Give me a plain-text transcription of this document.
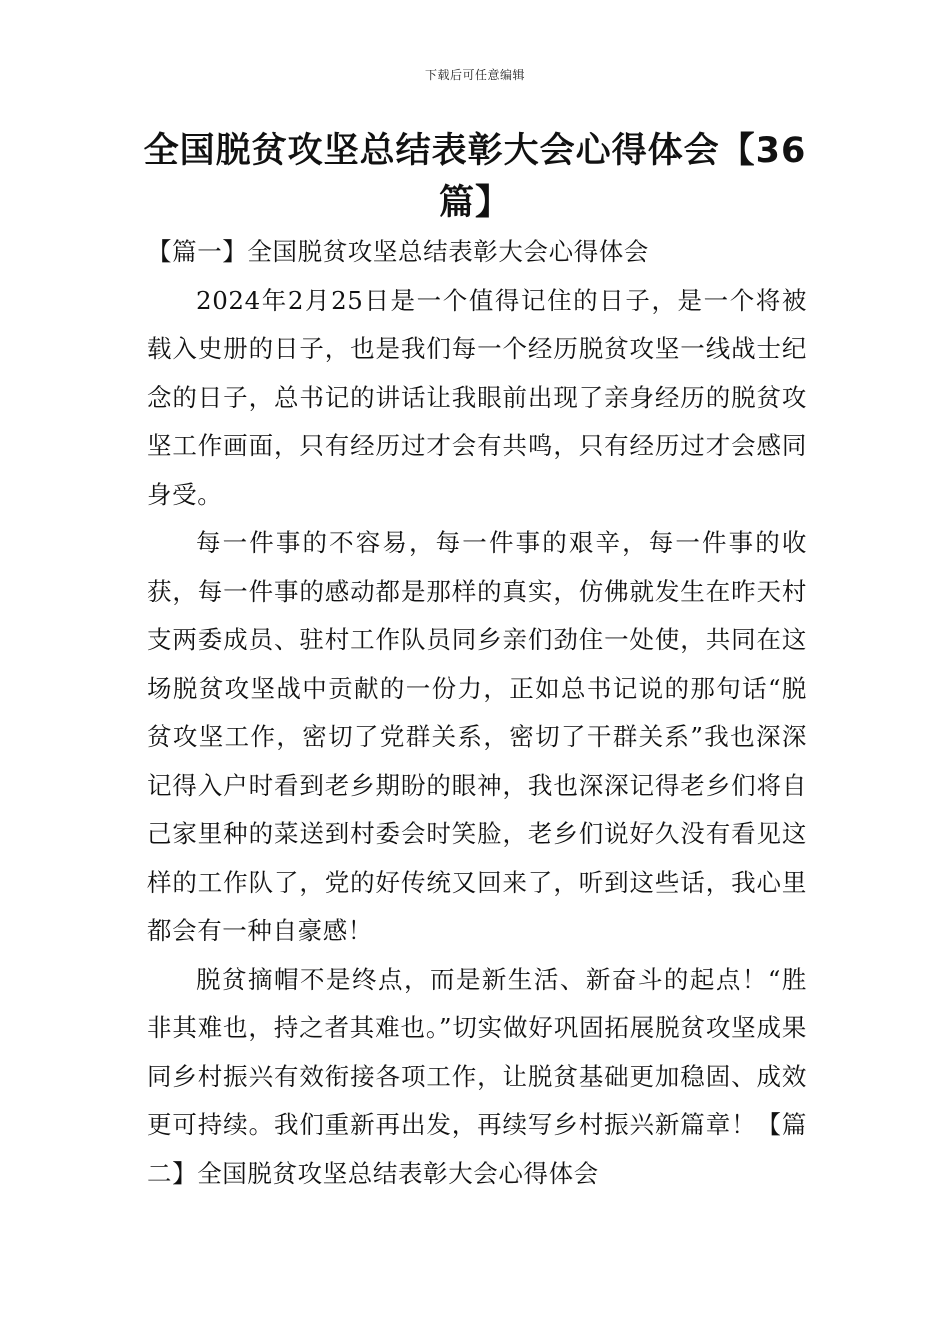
下载后可任意编辑
全国脱贫攻坚总结表彰大会心得体会【36篇】

【篇一】全国脱贫攻坚总结表彰大会心得体会

2024年2月25日是一个值得记住的日子，是一个将被载入史册的日子，也是我们每一个经历脱贫攻坚一线战士纪念的日子，总书记的讲话让我眼前出现了亲身经历的脱贫攻坚工作画面，只有经历过才会有共鸣，只有经历过才会感同身受。

每一件事的不容易，每一件事的艰辛，每一件事的收获，每一件事的感动都是那样的真实，仿佛就发生在昨天村支两委成员、驻村工作队员同乡亲们劲住一处使，共同在这场脱贫攻坚战中贡献的一份力，正如总书记说的那句话“脱贫攻坚工作，密切了党群关系，密切了干群关系”我也深深记得入户时看到老乡期盼的眼神，我也深深记得老乡们将自己家里种的菜送到村委会时笑脸，老乡们说好久没有看见这样的工作队了，党的好传统又回来了，听到这些话，我心里都会有一种自豪感！

脱贫摘帽不是终点，而是新生活、新奋斗的起点！“胜非其难也，持之者其难也。”切实做好巩固拓展脱贫攻坚成果同乡村振兴有效衔接各项工作，让脱贫基础更加稳固、成效更可持续。我们重新再出发，再续写乡村振兴新篇章！【篇二】全国脱贫攻坚总结表彰大会心得体会
